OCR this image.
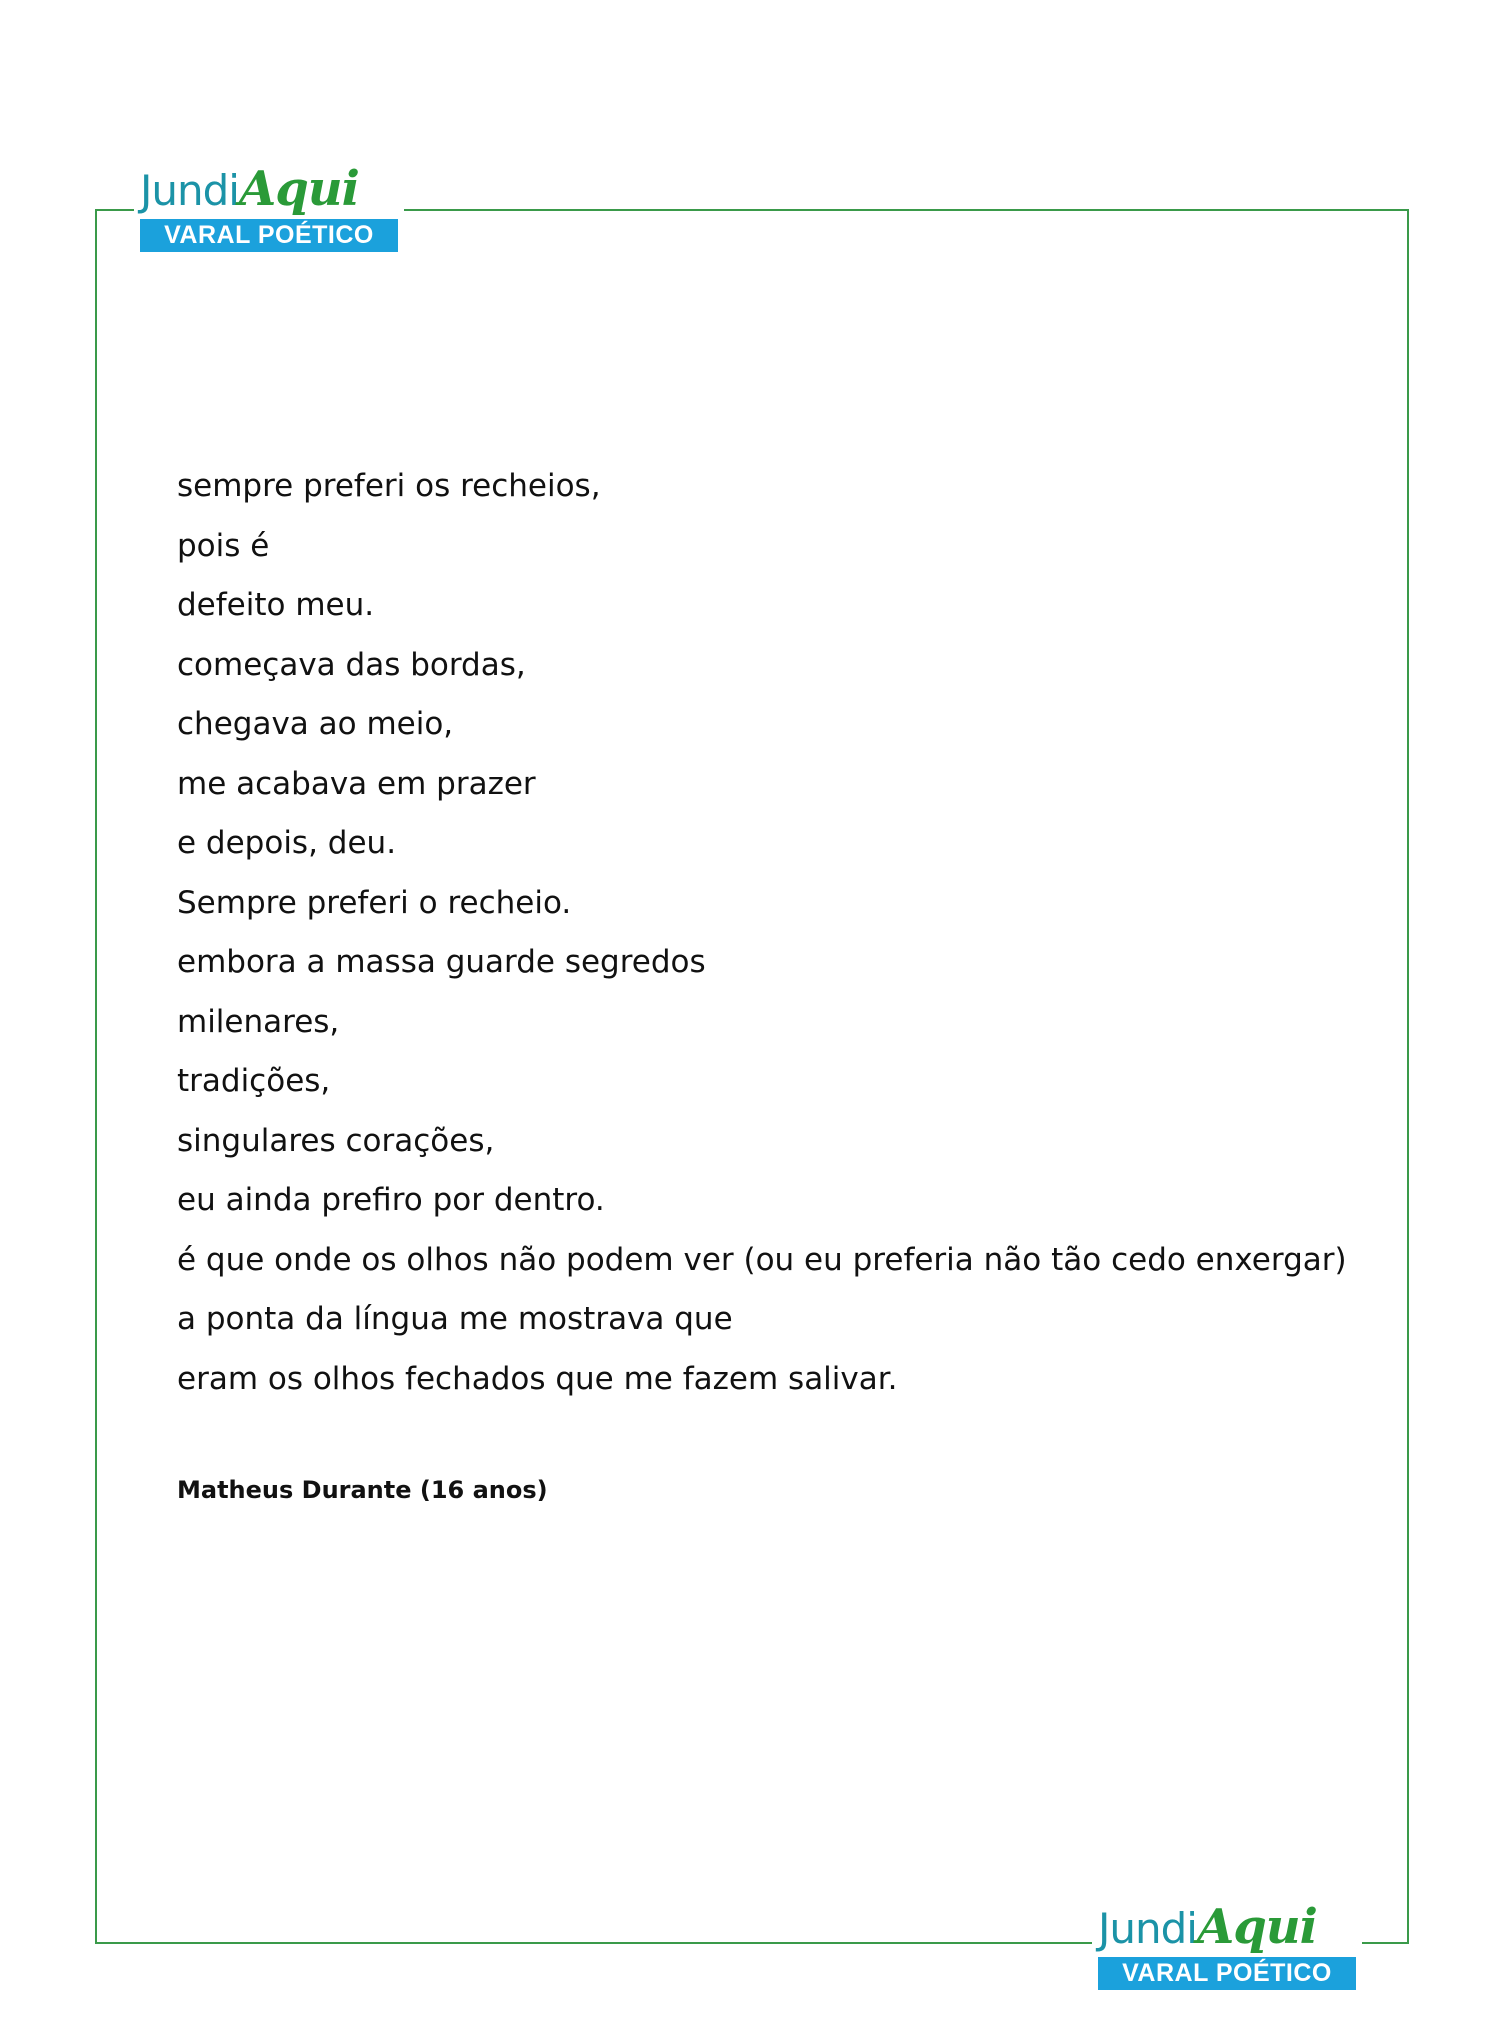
JundiAqui
VARAL POÉTICO
sempre preferi os recheios,
pois é
defeito meu.
começava das bordas,
chegava ao meio,
me acabava em prazer
e depois, deu.
Sempre preferi o recheio.
embora a massa guarde segredos
milenares,
tradições,
singulares corações,
eu ainda prefiro por dentro.
é que onde os olhos não podem ver (ou eu preferia não tão cedo enxergar)
a ponta da língua me mostrava que
eram os olhos fechados que me fazem salivar.
Matheus Durante (16 anos)
JundiAqui
VARAL POÉTICO
